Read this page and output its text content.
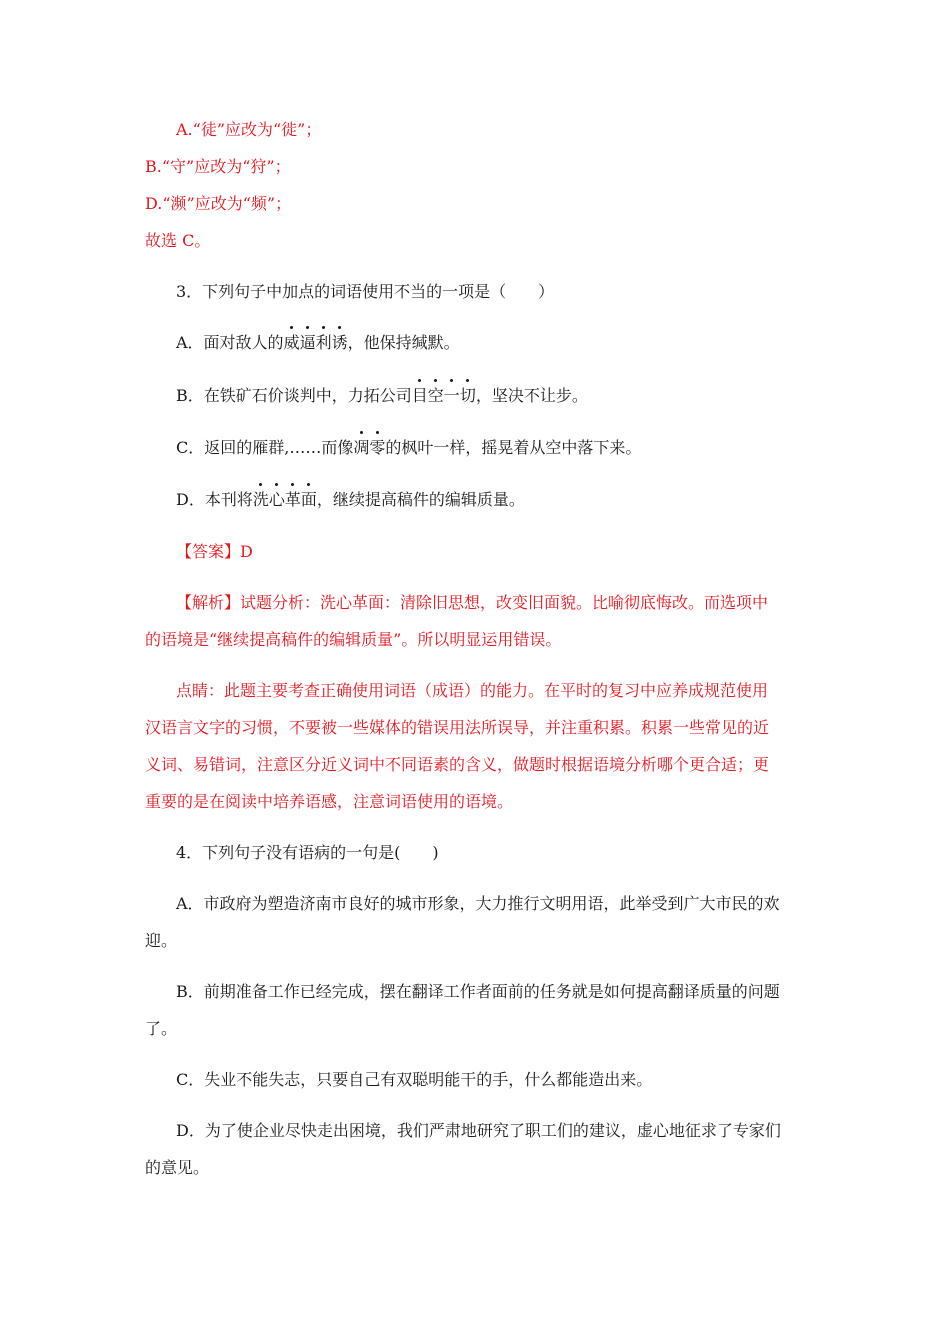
A.“徒”应改为“徙”；
B.“守”应改为“狩”；
D.“濒”应改为“频”；
故选 C。
3．下列句子中加点的词语使用不当的一项是（　　）
A．面对敌人的威逼利诱，他保持缄默。
B．在铁矿石价谈判中，力拓公司目空一切，坚决不让步。
C．返回的雁群,……而像凋零的枫叶一样，摇晃着从空中落下来。
D．本刊将洗心革面，继续提高稿件的编辑质量。
【答案】D
【解析】试题分析：洗心革面：清除旧思想，改变旧面貌。比喻彻底悔改。而选项中
的语境是“继续提高稿件的编辑质量”。所以明显运用错误。
点睛：此题主要考查正确使用词语（成语）的能力。在平时的复习中应养成规范使用
汉语言文字的习惯，不要被一些媒体的错误用法所误导，并注重积累。积累一些常见的近
义词、易错词，注意区分近义词中不同语素的含义，做题时根据语境分析哪个更合适；更
重要的是在阅读中培养语感，注意词语使用的语境。
4．下列句子没有语病的一句是(　　)
A．市政府为塑造济南市良好的城市形象，大力推行文明用语，此举受到广大市民的欢
迎。
B．前期准备工作已经完成，摆在翻译工作者面前的任务就是如何提高翻译质量的问题
了。
C．失业不能失志，只要自己有双聪明能干的手，什么都能造出来。
D．为了使企业尽快走出困境，我们严肃地研究了职工们的建议，虚心地征求了专家们
的意见。
